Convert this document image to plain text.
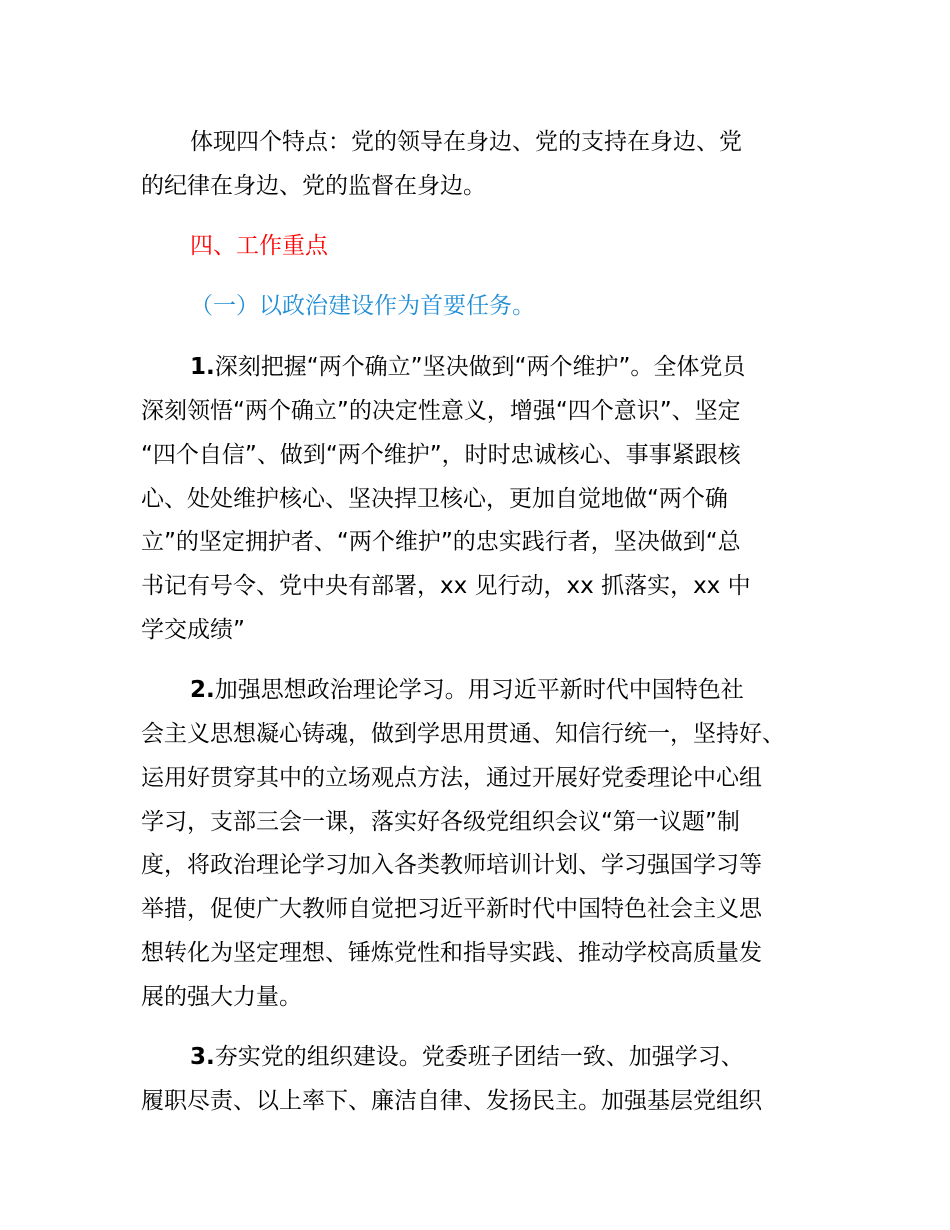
体现四个特点：党的领导在身边、党的支持在身边、党
的纪律在身边、党的监督在身边。
四、工作重点
（一）以政治建设作为首要任务。
1.深刻把握“两个确立”坚决做到“两个维护”。全体党员
深刻领悟“两个确立”的决定性意义，增强“四个意识”、坚定
“四个自信”、做到“两个维护”，时时忠诚核心、事事紧跟核
心、处处维护核心、坚决捍卫核心，更加自觉地做“两个确
立”的坚定拥护者、“两个维护”的忠实践行者，坚决做到“总
书记有号令、党中央有部署，xx 见行动，xx 抓落实，xx 中
学交成绩”
2.加强思想政治理论学习。用习近平新时代中国特色社
会主义思想凝心铸魂，做到学思用贯通、知信行统一，坚持好、
运用好贯穿其中的立场观点方法，通过开展好党委理论中心组
学习，支部三会一课，落实好各级党组织会议“第一议题”制
度，将政治理论学习加入各类教师培训计划、学习强国学习等
举措，促使广大教师自觉把习近平新时代中国特色社会主义思
想转化为坚定理想、锤炼党性和指导实践、推动学校高质量发
展的强大力量。
3.夯实党的组织建设。党委班子团结一致、加强学习、
履职尽责、以上率下、廉洁自律、发扬民主。加强基层党组织
